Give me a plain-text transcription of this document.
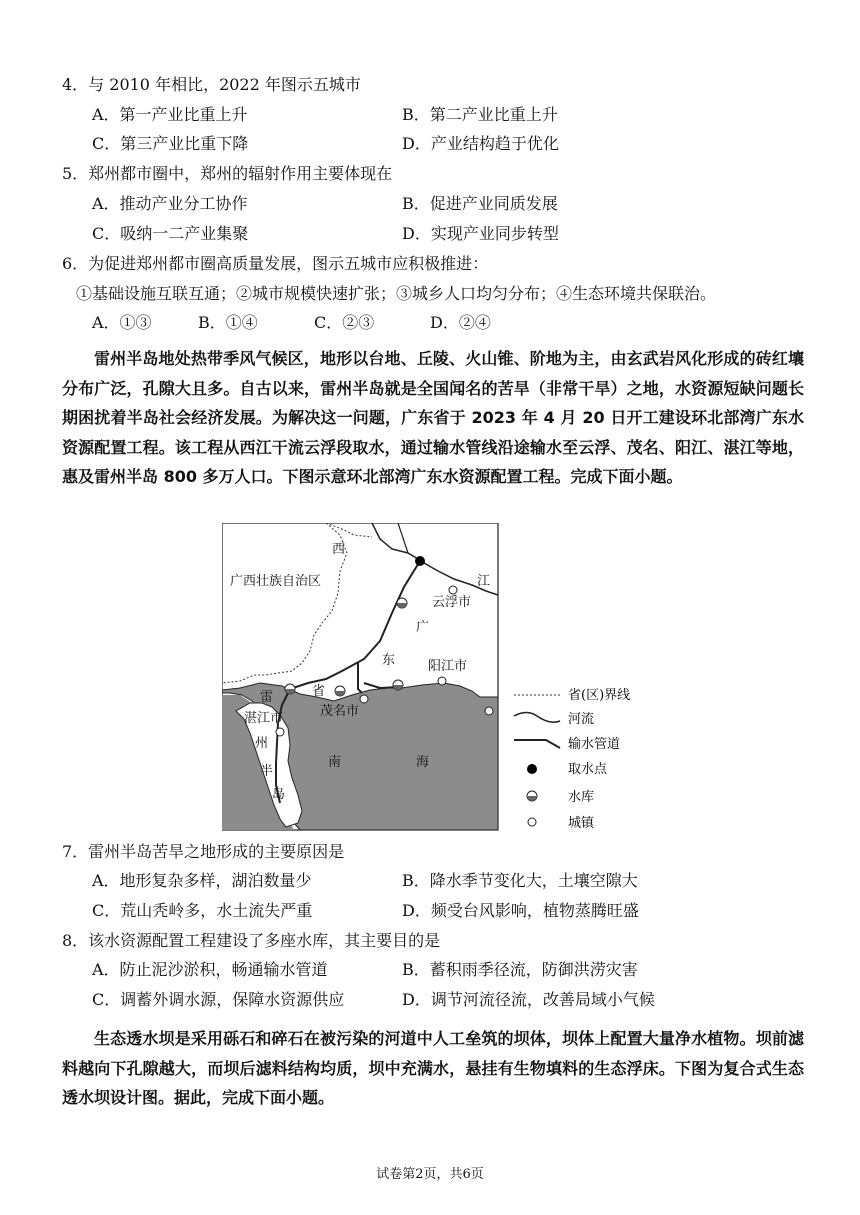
4．与 2010 年相比，2022 年图示五城市
A．第一产业比重上升	B．第二产业比重上升
C．第三产业比重下降	D．产业结构趋于优化
5．郑州都市圈中，郑州的辐射作用主要体现在
A．推动产业分工协作	B．促进产业同质发展
C．吸纳一二产业集聚	D．实现产业同步转型
6．为促进郑州都市圈高质量发展，图示五城市应积极推进：
①基础设施互联互通；②城市规模快速扩张；③城乡人口均匀分布；④生态环境共保联治。
A．①③	B．①④	C．②③	D．②④

雷州半岛地处热带季风气候区，地形以台地、丘陵、火山锥、阶地为主，由玄武岩风化形成的砖红壤分布广泛，孔隙大且多。自古以来，雷州半岛就是全国闻名的苦旱（非常干旱）之地，水资源短缺问题长期困扰着半岛社会经济发展。为解决这一问题，广东省于 2023 年 4 月 20 日开工建设环北部湾广东水资源配置工程。该工程从西江干流云浮段取水，通过输水管线沿途输水至云浮、茂名、阳江、湛江等地，惠及雷州半岛 800 多万人口。下图示意环北部湾广东水资源配置工程。完成下面小题。

西
江
广西壮族自治区
云浮市
广
东
省
阳江市
茂名市
雷
湛江市
州
半
岛
南	海
省(区)界线
河流
输水管道
取水点
水库
城镇
7．雷州半岛苦旱之地形成的主要原因是
A．地形复杂多样，湖泊数量少	B．降水季节变化大，土壤空隙大
C．荒山秃岭多，水土流失严重	D．频受台风影响，植物蒸腾旺盛
8．该水资源配置工程建设了多座水库，其主要目的是
A．防止泥沙淤积，畅通输水管道	B．蓄积雨季径流，防御洪涝灾害
C．调蓄外调水源，保障水资源供应	D．调节河流径流，改善局域小气候

生态透水坝是采用砾石和碎石在被污染的河道中人工垒筑的坝体，坝体上配置大量净水植物。坝前滤料越向下孔隙越大，而坝后滤料结构均质，坝中充满水，悬挂有生物填料的生态浮床。下图为复合式生态透水坝设计图。据此，完成下面小题。

试卷第2页，共6页
